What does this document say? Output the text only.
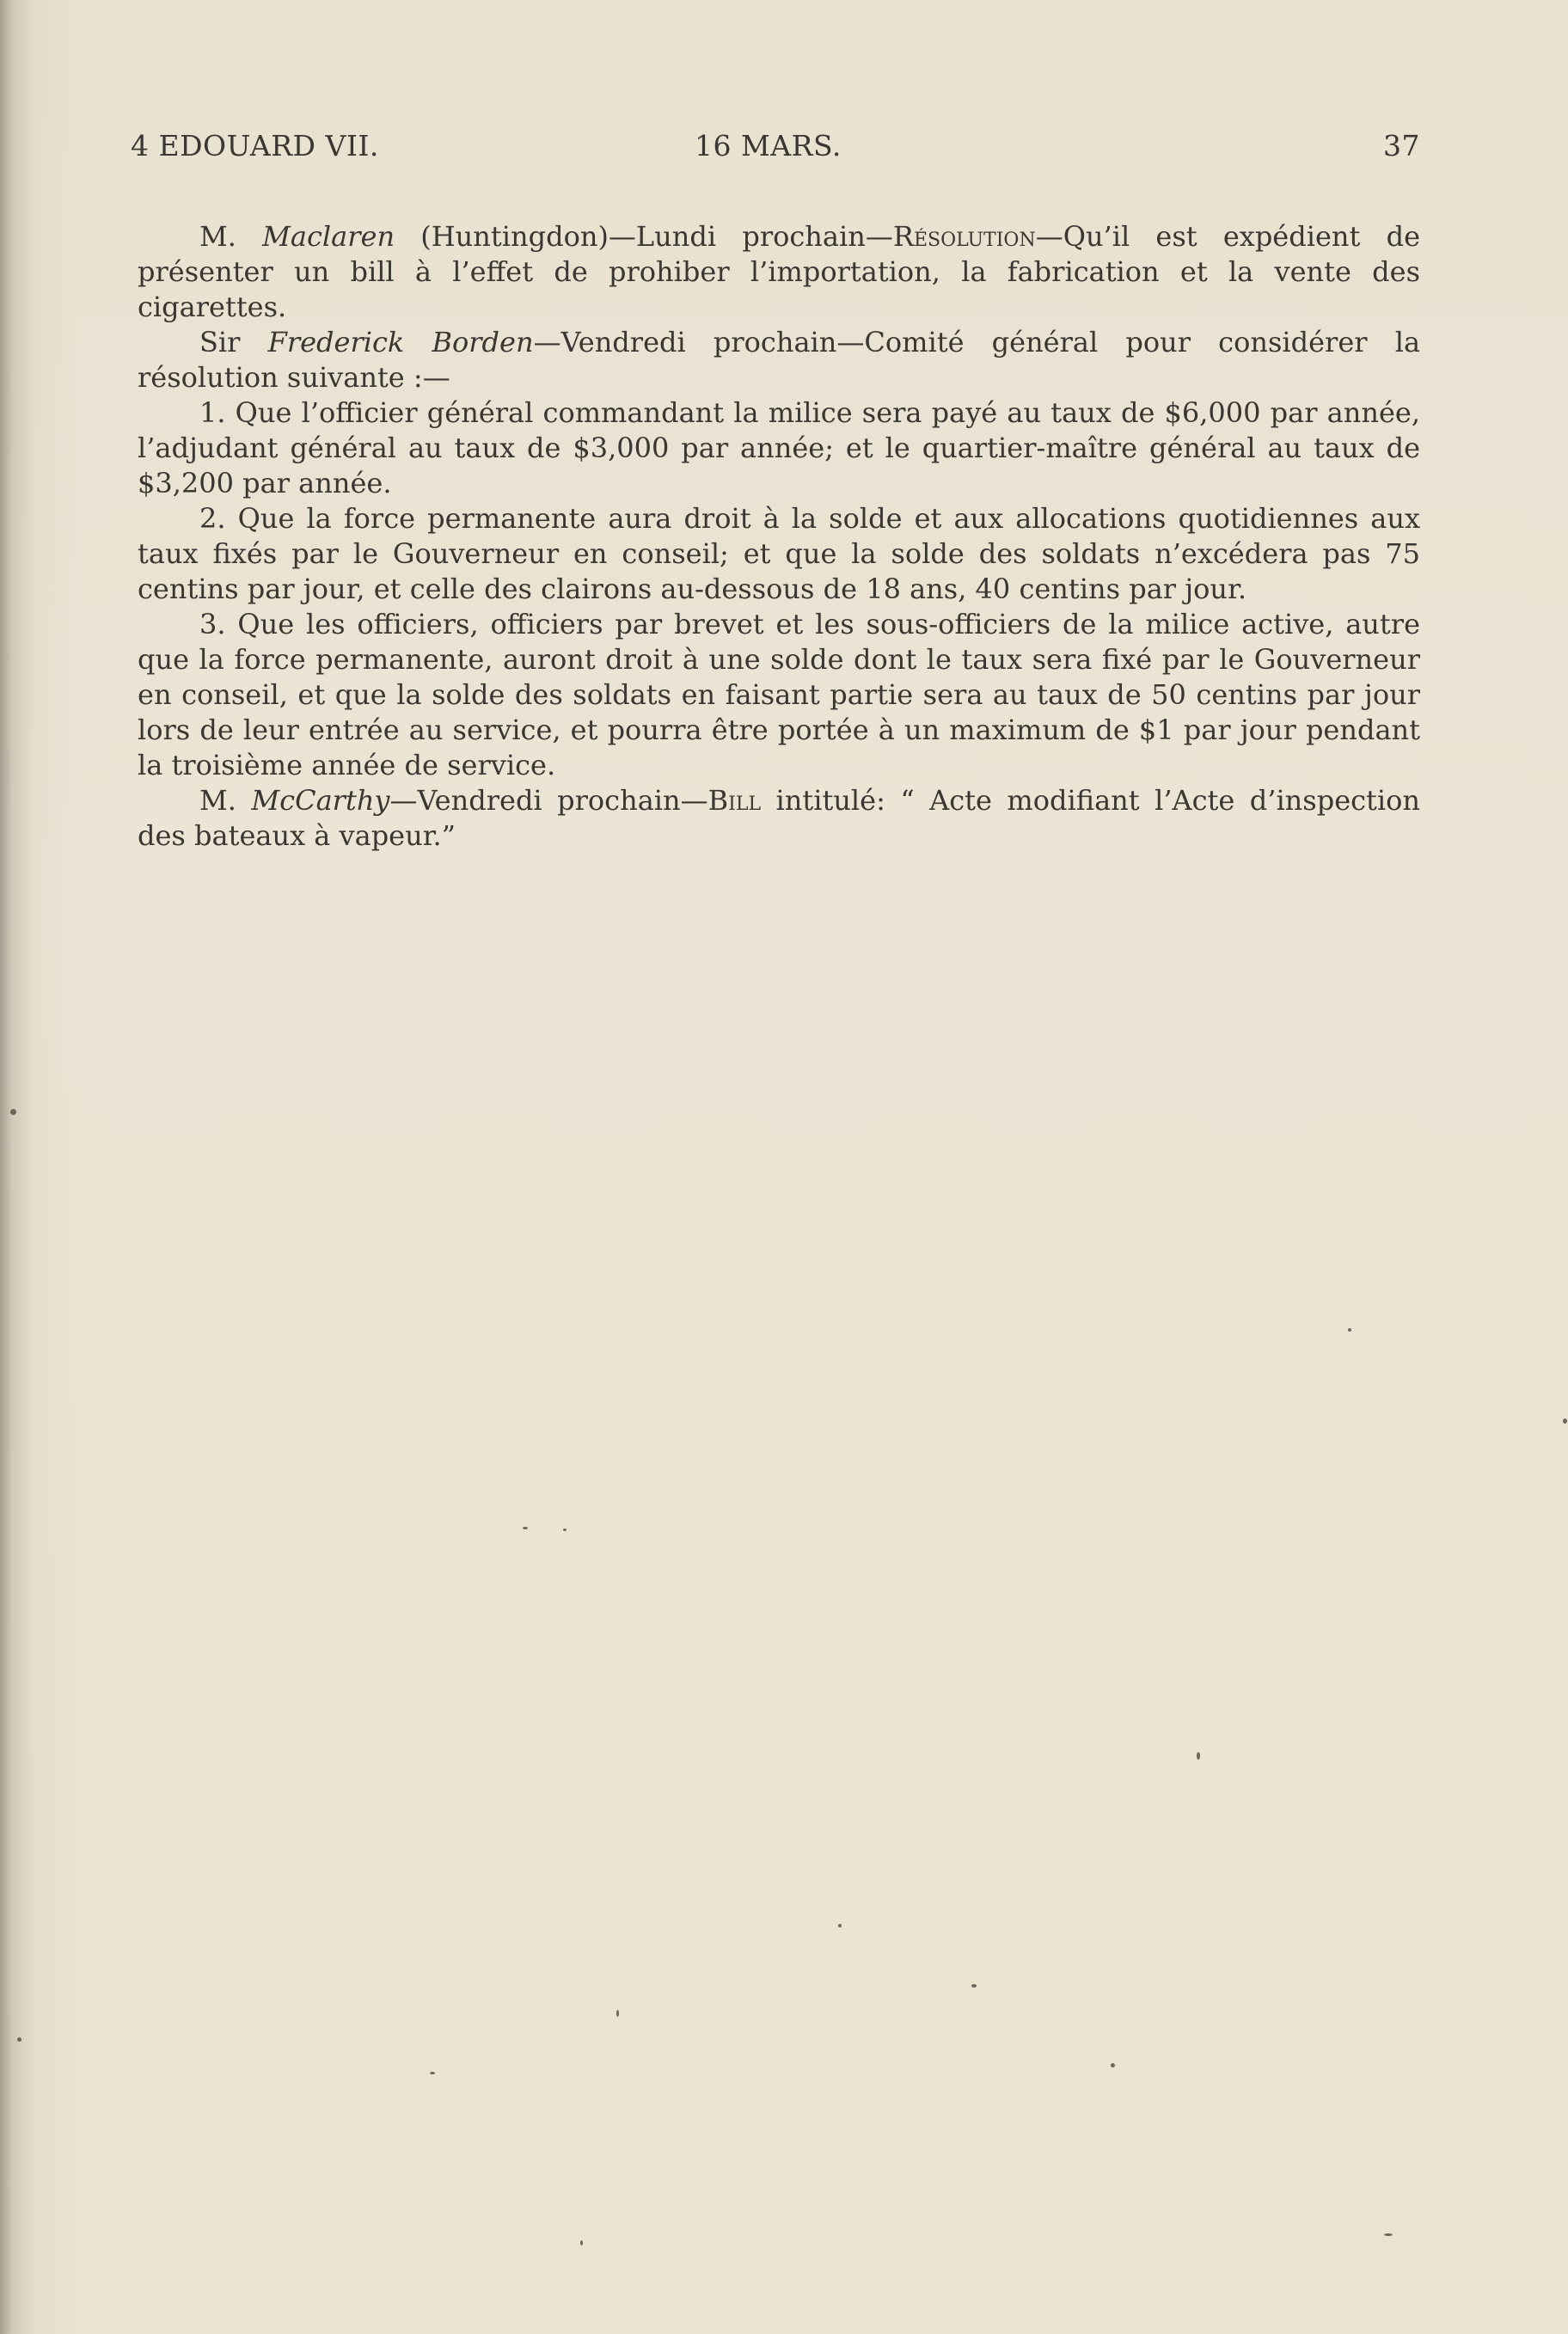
4 EDOUARD VII.	16 MARS.	37

M. Maclaren (Huntingdon)—Lundi prochain—Résolution—Qu’il est expédient de présenter un bill à l’effet de prohiber l’importation, la fabrication et la vente des cigarettes.

Sir Frederick Borden—Vendredi prochain—Comité général pour considérer la résolution suivante :—

1. Que l’officier général commandant la milice sera payé au taux de $6,000 par année, l’adjudant général au taux de $3,000 par année; et le quartier-maître général au taux de $3,200 par année.

2. Que la force permanente aura droit à la solde et aux allocations quotidiennes aux taux fixés par le Gouverneur en conseil; et que la solde des soldats n’excédera pas 75 centins par jour, et celle des clairons au-dessous de 18 ans, 40 centins par jour.

3. Que les officiers, officiers par brevet et les sous-officiers de la milice active, autre que la force permanente, auront droit à une solde dont le taux sera fixé par le Gouverneur en conseil, et que la solde des soldats en faisant partie sera au taux de 50 centins par jour lors de leur entrée au service, et pourra être portée à un maximum de $1 par jour pendant la troisième année de service.

M. McCarthy—Vendredi prochain—Bill intitulé: “ Acte modifiant l’Acte d’inspection des bateaux à vapeur.”
